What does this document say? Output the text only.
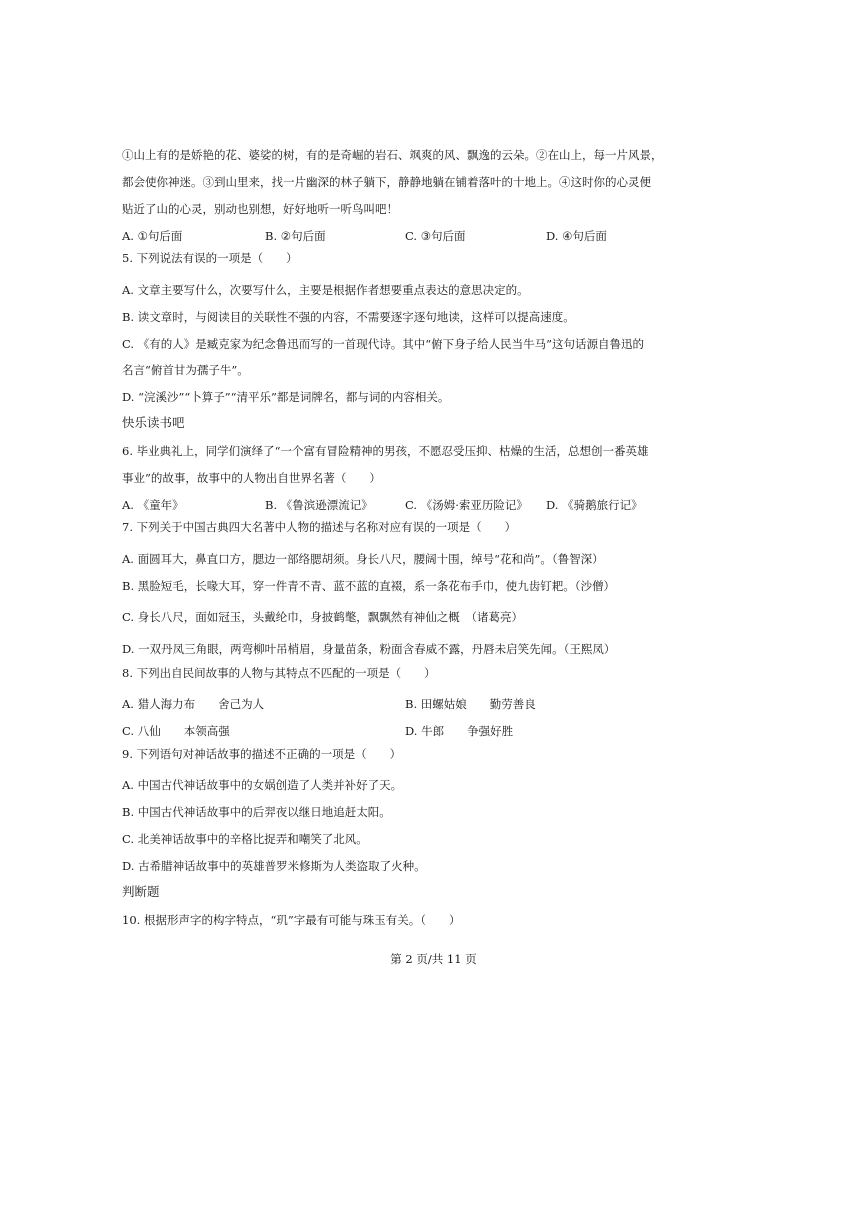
①山上有的是娇艳的花、婆娑的树，有的是奇崛的岩石、飒爽的风、飘逸的云朵。②在山上，每一片风景，
都会使你神迷。③到山里来，找一片幽深的林子躺下，静静地躺在铺着落叶的十地上。④这时你的心灵便
贴近了山的心灵，别动也别想，好好地听一听鸟叫吧！
A. ①句后面	B. ②句后面	C. ③句后面	D. ④句后面
5. 下列说法有误的一项是（　　）
A. 文章主要写什么，次要写什么，主要是根据作者想要重点表达的意思决定的。
B. 读文章时，与阅读目的关联性不强的内容，不需要逐字逐句地读，这样可以提高速度。
C. 《有的人》是臧克家为纪念鲁迅而写的一首现代诗。其中“俯下身子给人民当牛马”这句话源自鲁迅的
名言“俯首甘为孺子牛”。
D. “浣溪沙”“卜算子”“清平乐”都是词牌名，都与词的内容相关。
快乐读书吧
6. 毕业典礼上，同学们演绎了“一个富有冒险精神的男孩，不愿忍受压抑、枯燥的生活，总想创一番英雄
事业”的故事，故事中的人物出自世界名著（　　）
A. 《童年》	B. 《鲁滨逊漂流记》	C. 《汤姆·索亚历险记》 D. 《骑鹅旅行记》
7. 下列关于中国古典四大名著中人物的描述与名称对应有误的一项是（　　）
A. 面圆耳大，鼻直口方，腮边一部络腮胡须。身长八尺，腰阔十围，绰号“花和尚”。（鲁智深）
B. 黑脸短毛，长喙大耳，穿一件青不青、蓝不蓝的直裰，系一条花布手巾，使九齿钉耙。（沙僧）
C. 身长八尺，面如冠玉，头戴纶巾，身披鹤氅，飘飘然有神仙之概　（诸葛亮）
D. 一双丹凤三角眼，两弯柳叶吊梢眉，身量苗条，粉面含春威不露，丹唇未启笑先闻。（王熙凤）
8. 下列出自民间故事的人物与其特点不匹配的一项是（　　）
A. 猎人海力布　　舍己为人	B. 田螺姑娘　　勤劳善良
C. 八仙　　本领高强	D. 牛郎　　争强好胜
9. 下列语句对神话故事的描述不正确的一项是（　　）
A. 中国古代神话故事中的女娲创造了人类并补好了天。
B. 中国古代神话故事中的后羿夜以继日地追赶太阳。
C. 北美神话故事中的辛格比捉弄和嘲笑了北风。
D. 古希腊神话故事中的英雄普罗米修斯为人类盗取了火种。
判断题
10. 根据形声字的构字特点，“玑”字最有可能与珠玉有关。（　　）
第 2 页/共 11 页
